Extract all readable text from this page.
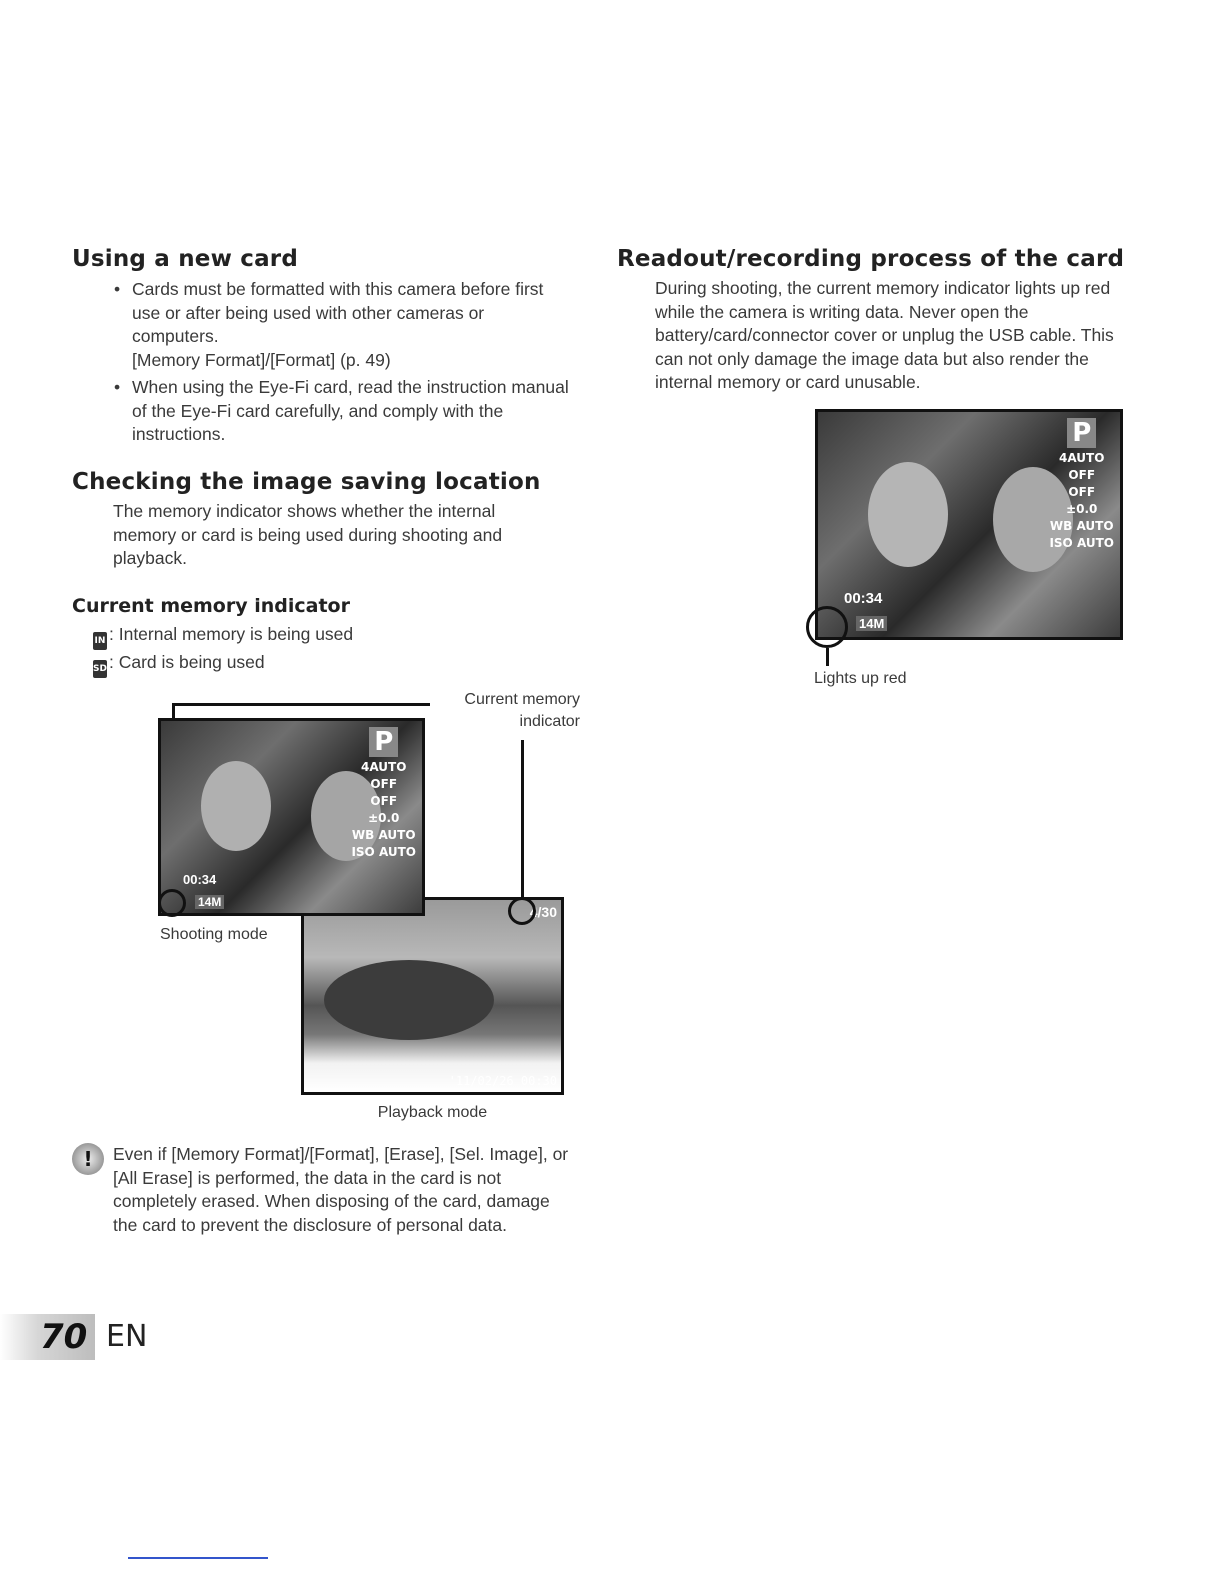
Using a new card
• Cards must be formatted with this camera before first use or after being used with other cameras or computers.
[Memory Format]/[Format] (p. 49)
• When using the Eye-Fi card, read the instruction manual of the Eye-Fi card carefully, and comply with the instructions.
Checking the image saving location

The memory indicator shows whether the internal memory or card is being used during shooting and playback.

Current memory indicator
IN : Internal memory is being used
SD : Card is being used
Current memory
indicator
4/30
'11/02/26 00:30
P
4AUTO
OFF
OFF
±0.0
WB AUTO
ISO AUTO
00:34
14M
Shooting mode
Playback mode
!	Even if [Memory Format]/[Format], [Erase], [Sel. Image], or [All Erase] is performed, the data in the card is not completely erased. When disposing of the card, damage the card to prevent the disclosure of personal data.

Readout/recording process of the card

During shooting, the current memory indicator lights up red while the camera is writing data. Never open the battery/card/connector cover or unplug the USB cable. This can not only damage the image data but also render the internal memory or card unusable.

P
4AUTO
OFF
OFF
±0.0
WB AUTO
ISO AUTO
00:34
14M
Lights up red
70 EN
